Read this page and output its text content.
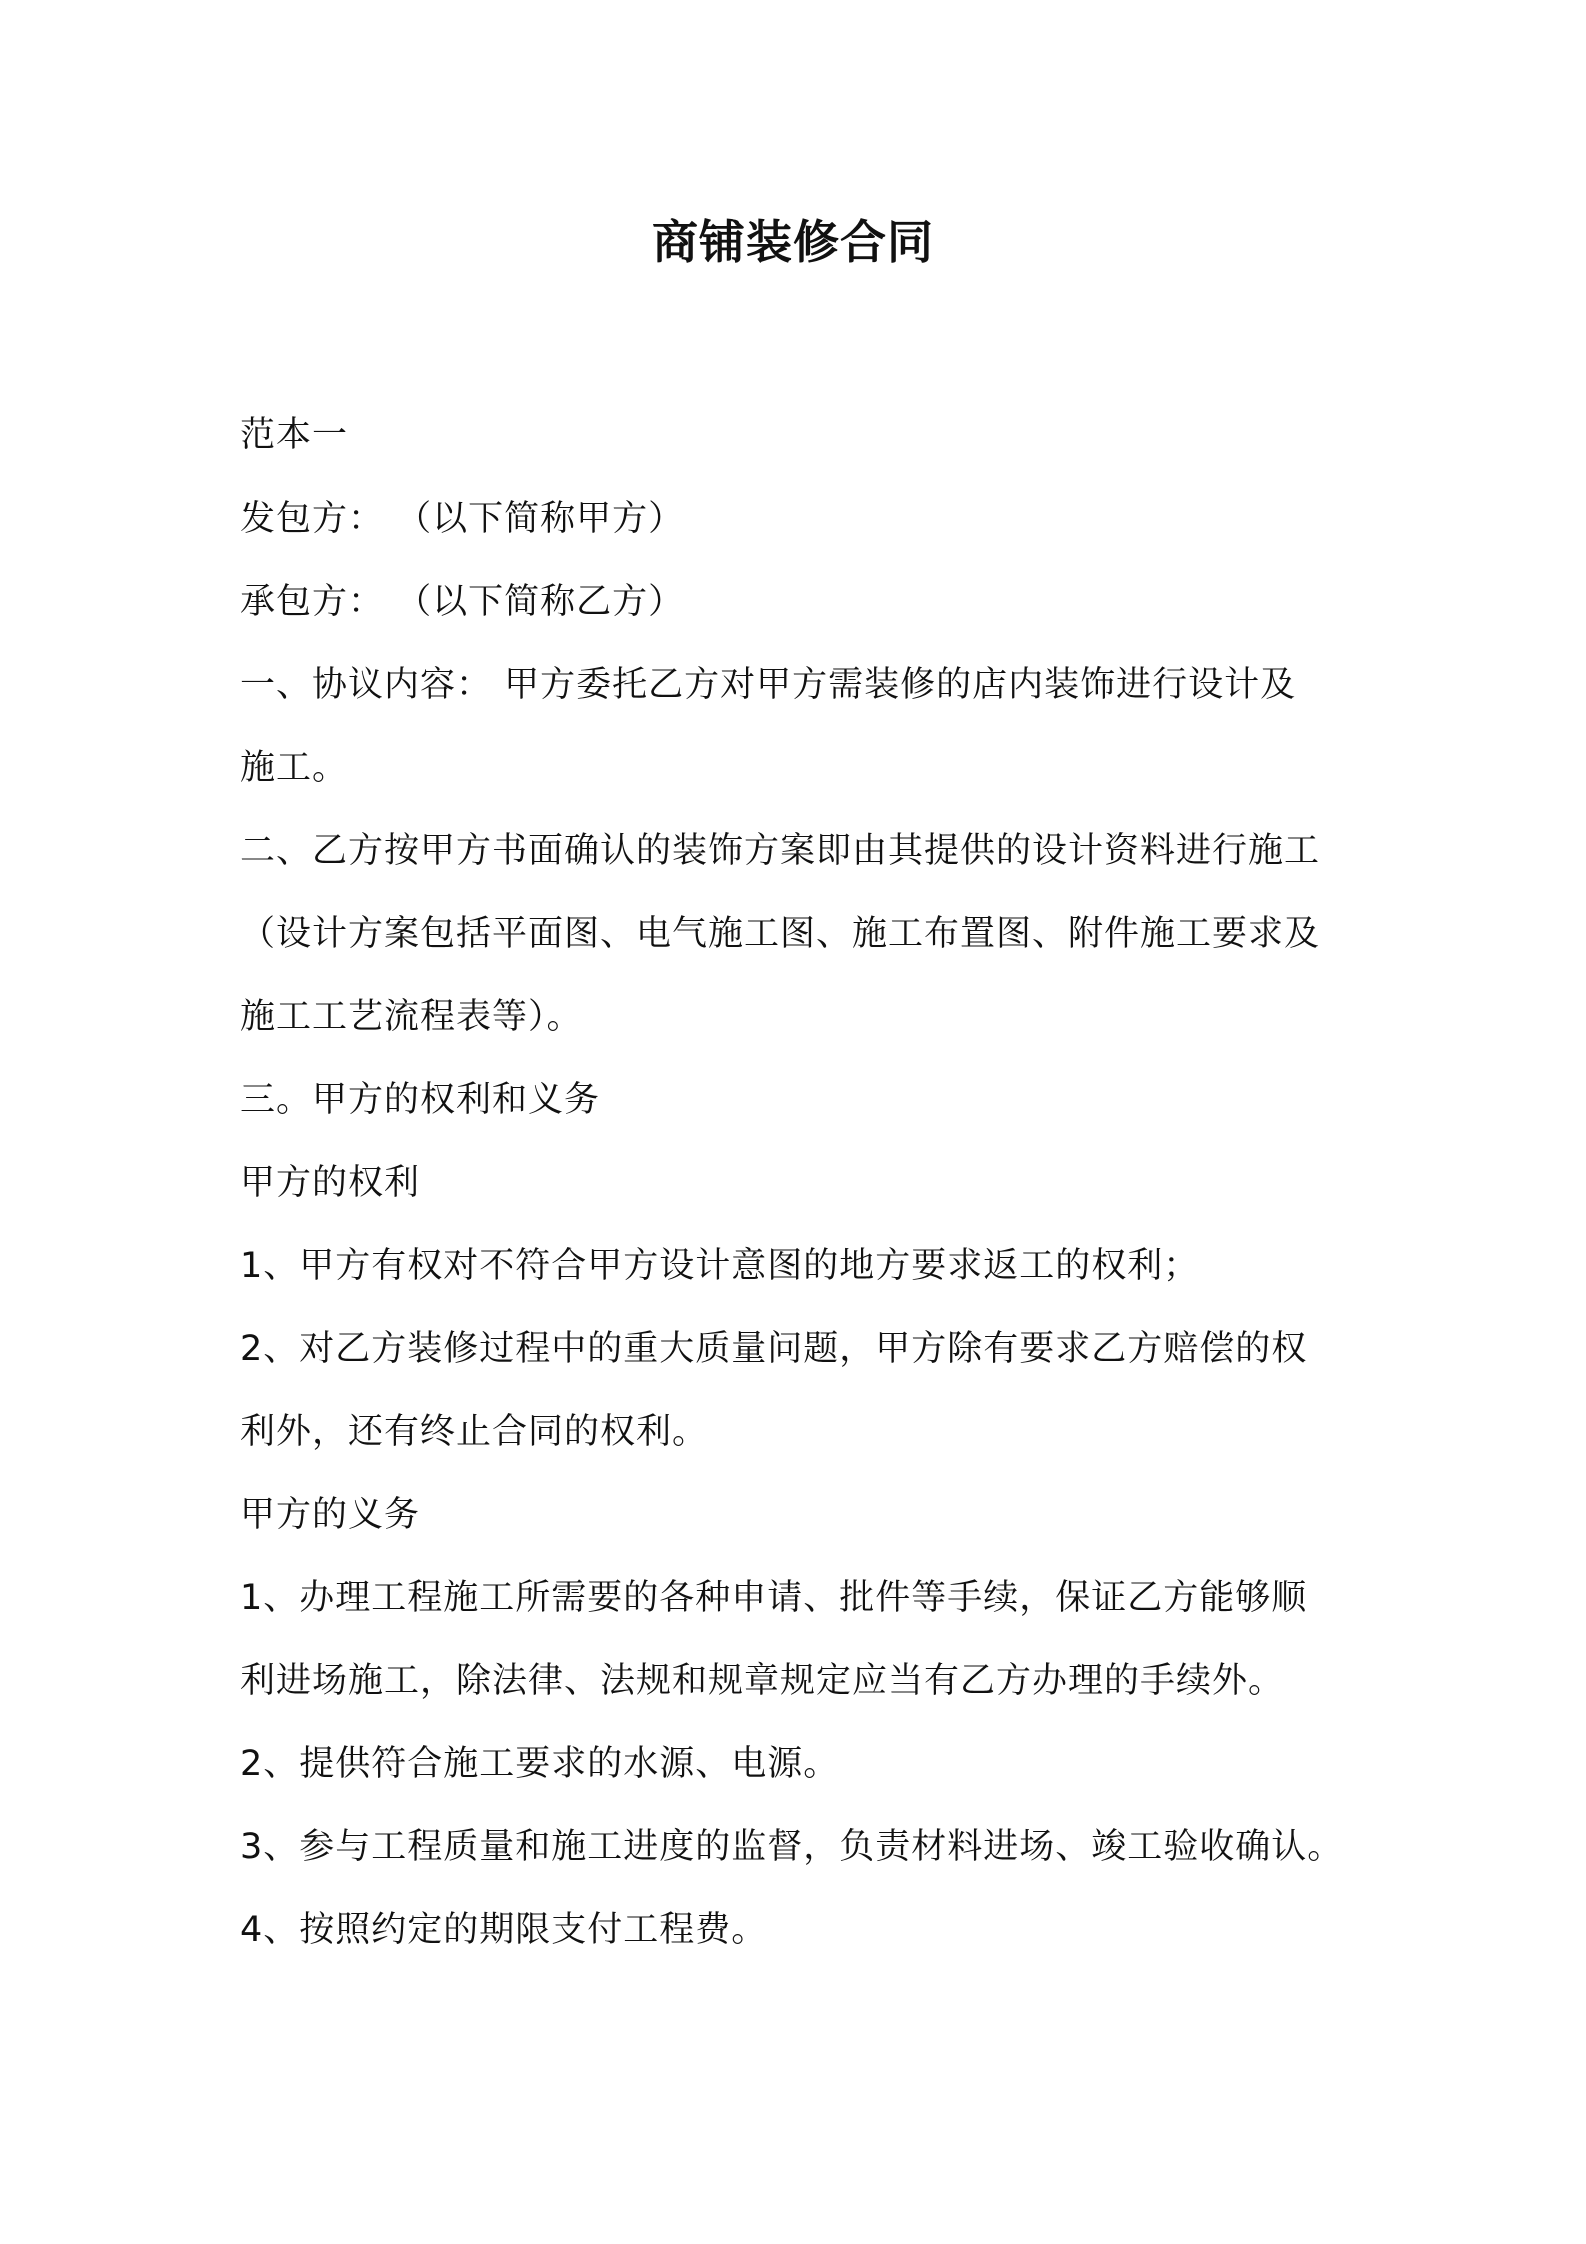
商铺装修合同

范本一

发包方： （以下简称甲方）

承包方： （以下简称乙方）

一、协议内容： 甲方委托乙方对甲方需装修的店内装饰进行设计及

施工。

二、乙方按甲方书面确认的装饰方案即由其提供的设计资料进行施工

（设计方案包括平面图、电气施工图、施工布置图、附件施工要求及

施工工艺流程表等）。

三。甲方的权利和义务

甲方的权利

1、甲方有权对不符合甲方设计意图的地方要求返工的权利；

2、对乙方装修过程中的重大质量问题，甲方除有要求乙方赔偿的权

利外，还有终止合同的权利。

甲方的义务

1、办理工程施工所需要的各种申请、批件等手续，保证乙方能够顺

利进场施工，除法律、法规和规章规定应当有乙方办理的手续外。

2、提供符合施工要求的水源、电源。

3、参与工程质量和施工进度的监督，负责材料进场、竣工验收确认。

4、按照约定的期限支付工程费。
